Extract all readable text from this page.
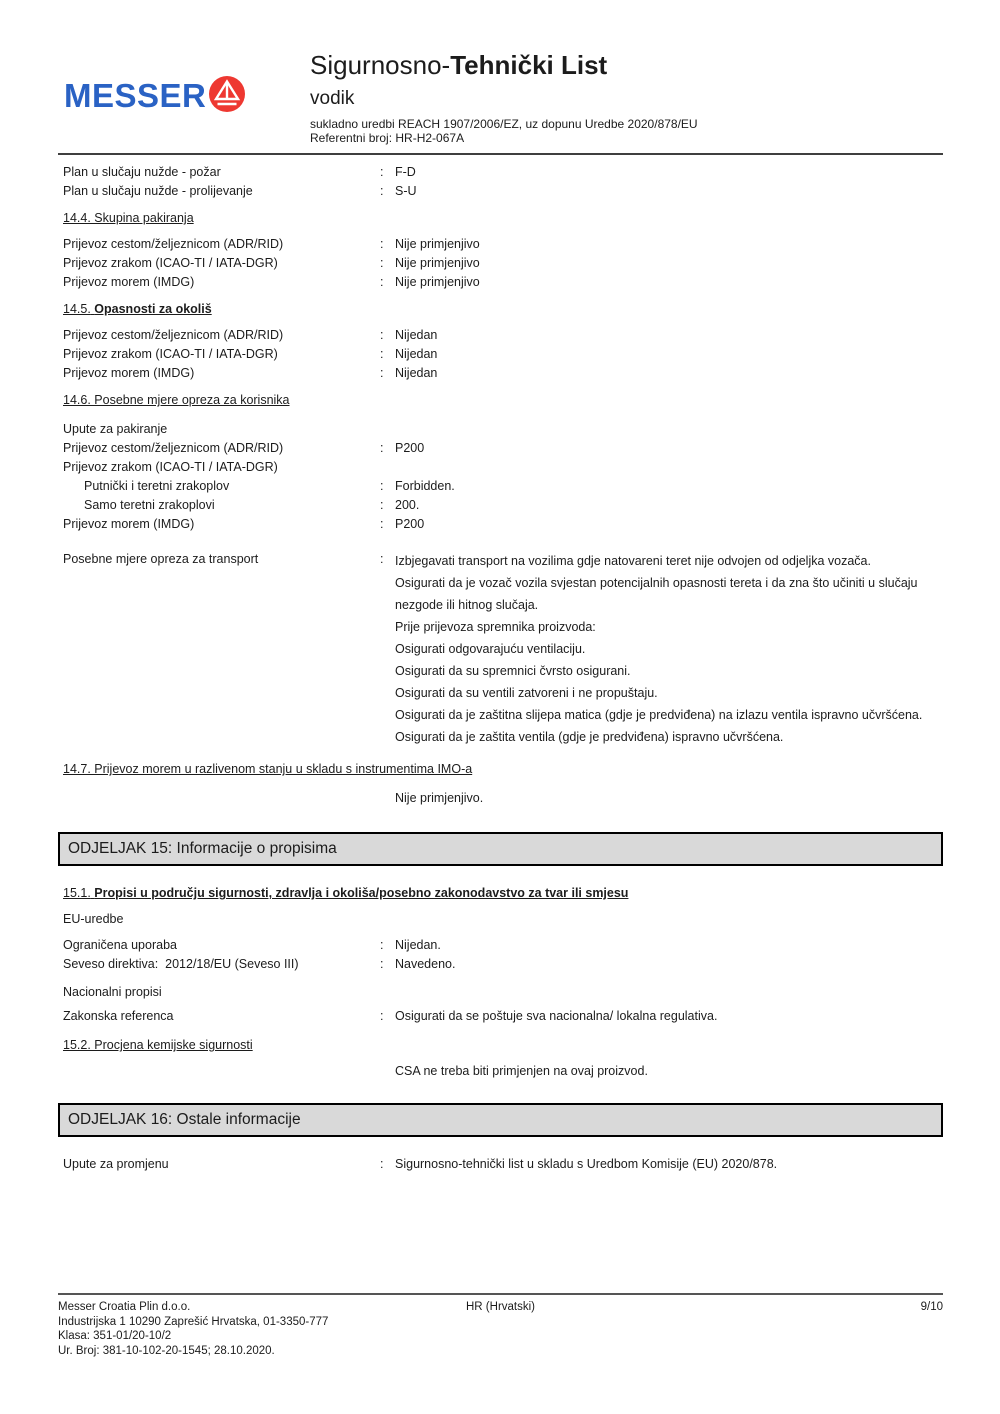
MESSER
Sigurnosno-Tehnički List
vodik
sukladno uredbi REACH 1907/2006/EZ, uz dopunu Uredbe 2020/878/EU
Referentni broj: HR-H2-067A
Plan u slučaju nužde - požar	: F-D
Plan u slučaju nužde - prolijevanje	: S-U
14.4. Skupina pakiranja
Prijevoz cestom/željeznicom (ADR/RID)	: Nije primjenjivo
Prijevoz zrakom (ICAO-TI / IATA-DGR)	: Nije primjenjivo
Prijevoz morem (IMDG)	: Nije primjenjivo
14.5. Opasnosti za okoliš
Prijevoz cestom/željeznicom (ADR/RID)	: Nijedan
Prijevoz zrakom (ICAO-TI / IATA-DGR)	: Nijedan
Prijevoz morem (IMDG)	: Nijedan
14.6. Posebne mjere opreza za korisnika
Upute za pakiranje
Prijevoz cestom/željeznicom (ADR/RID)	: P200
Prijevoz zrakom (ICAO-TI / IATA-DGR)
Putnički i teretni zrakoplov	: Forbidden.
Samo teretni zrakoplovi	: 200.
Prijevoz morem (IMDG)	: P200
Posebne mjere opreza za transport	: Izbjegavati transport na vozilima gdje natovareni teret nije odvojen od odjeljka vozača.
Osigurati da je vozač vozila svjestan potencijalnih opasnosti tereta i da zna što učiniti u slučaju nezgode ili hitnog slučaja.
Prije prijevoza spremnika proizvoda:
Osigurati odgovarajuću ventilaciju.
Osigurati da su spremnici čvrsto osigurani.
Osigurati da su ventili zatvoreni i ne propuštaju.
Osigurati da je zaštitna slijepa matica (gdje je predviđena) na izlazu ventila ispravno učvršćena.
Osigurati da je zaštita ventila (gdje je predviđena) ispravno učvršćena.
14.7. Prijevoz morem u razlivenom stanju u skladu s instrumentima IMO-a
Nije primjenjivo.
ODJELJAK 15: Informacije o propisima
15.1. Propisi u području sigurnosti, zdravlja i okoliša/posebno zakonodavstvo za tvar ili smjesu
EU-uredbe
Ograničena uporaba	: Nijedan.
Seveso direktiva:  2012/18/EU (Seveso III)	: Navedeno.
Nacionalni propisi
Zakonska referenca	: Osigurati da se poštuje sva nacionalna/ lokalna regulativa.
15.2. Procjena kemijske sigurnosti
CSA ne treba biti primjenjen na ovaj proizvod.
ODJELJAK 16: Ostale informacije
Upute za promjenu	: Sigurnosno-tehnički list u skladu s Uredbom Komisije (EU) 2020/878.
Messer Croatia Plin d.o.o.
Industrijska 1 10290 Zaprešić Hrvatska, 01-3350-777
Klasa: 351-01/20-10/2
Ur. Broj: 381-10-102-20-1545; 28.10.2020.
HR (Hrvatski)	9/10
